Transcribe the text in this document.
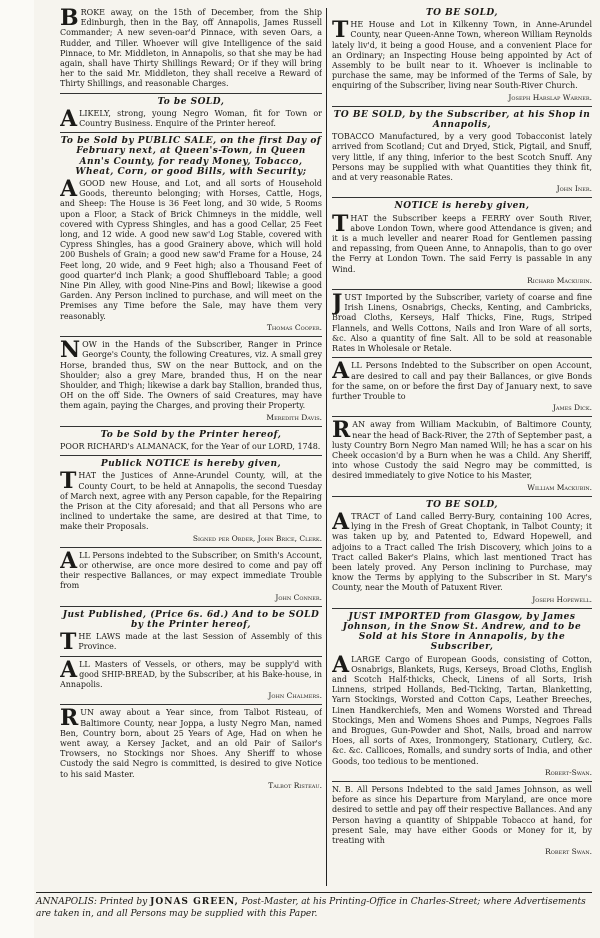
BROKE away, on the 15th of December, from the Ship Edinburgh, then in the Bay, off Annapolis, James Russell Commander; A new seven-oar'd Pinnace, with seven Oars, a Rudder, and Tiller. Whoever will give Intelligence of the said Pinnace, to Mr. Middleton, in Annapolis, so that she may be had again, shall have Thirty Shillings Reward; Or if they will bring her to the said Mr. Middleton, they shall receive a Reward of Thirty Shillings, and reasonable Charges.

To be SOLD,

ALIKELY, strong, young Negro Woman, fit for Town or Country Business. Enquire of the Printer hereof.

To be Sold by PUBLIC SALE, on the first Day of February next, at Queen's-Town, in Queen Ann's County, for ready Money, Tobacco, Wheat, Corn, or good Bills, with Security;

AGOOD new House, and Lot, and all sorts of Household Goods, thereunto belonging; with Horses, Cattle, Hogs, and Sheep: The House is 36 Feet long, and 30 wide, 5 Rooms upon a Floor, a Stack of Brick Chimneys in the middle, well covered with Cypress Shingles, and has a good Cellar, 25 Feet long, and 12 wide. A good new saw'd Log Stable, covered with Cypress Shingles, has a good Grainery above, which will hold 200 Bushels of Grain; a good new saw'd Frame for a House, 24 Feet long, 20 wide, and 9 Feet high; also a Thousand Feet of good quarter'd inch Plank; a good Shuffleboard Table; a good Nine Pin Alley, with good Nine-Pins and Bowl; likewise a good Garden. Any Person inclined to purchase, and will meet on the Premises any Time before the Sale, may have them very reasonably.

Thomas Cooper.

NOW in the Hands of the Subscriber, Ranger in Prince George's County, the following Creatures, viz. A small grey Horse, branded thus, SW on the near Buttock, and on the Shoulder; also a grey Mare, branded thus, H on the near Shoulder, and Thigh; likewise a dark bay Stallion, branded thus, OH on the off Side. The Owners of said Creatures, may have them again, paying the Charges, and proving their Property.

Meredith Davis.
To be Sold by the Printer hereof,

POOR RICHARD's ALMANACK, for the Year of our LORD, 1748.

Publick NOTICE is hereby given,

THAT the Justices of Anne-Arundel County, will, at the County Court, to be held at Annapolis, the second Tuesday of March next, agree with any Person capable, for the Repairing the Prison at the City aforesaid; and that all Persons who are inclined to undertake the same, are desired at that Time, to make their Proposals.

Signed per Order, John Brice, Clerk.

ALL Persons indebted to the Subscriber, on Smith's Account, or otherwise, are once more desired to come and pay off their respective Ballances, or may expect immediate Trouble from

John Conner.
Just Published, (Price 6s. 6d.) And to be SOLD by the Printer hereof,

THE LAWS made at the last Session of Assembly of this Province.

ALL Masters of Vessels, or others, may be supply'd with good SHIP-BREAD, by the Subscriber, at his Bake-house, in Annapolis.

John Chalmers.

RUN away about a Year since, from Talbot Risteau, of Baltimore County, near Joppa, a lusty Negro Man, named Ben, Country born, about 25 Years of Age, Had on when he went away, a Kersey Jacket, and an old Pair of Sailor's Trowsers, no Stockings nor Shoes. Any Sheriff to whose Custody the said Negro is committed, is desired to give Notice to his said Master.

Talbot Risteau.
TO BE SOLD,

THE House and Lot in Kilkenny Town, in Anne-Arundel County, near Queen-Anne Town, whereon William Reynolds lately liv'd, it being a good House, and a convenient Place for an Ordinary; an Inspecting House being appointed by Act of Assembly to be built near to it. Whoever is inclinable to purchase the same, may be informed of the Terms of Sale, by enquiring of the Subscriber, living near South-River Church.

Joseph Harslap Warner.
TO BE SOLD, by the Subscriber, at his Shop in Annapolis,

TOBACCO Manufactured, by a very good Tobacconist lately arrived from Scotland; Cut and Dryed, Stick, Pigtail, and Snuff, very little, if any thing, inferior to the best Scotch Snuff. Any Persons may be supplied with what Quantities they think fit, and at very reasonable Rates.

John Iner.
NOTICE is hereby given,

THAT the Subscriber keeps a FERRY over South River, above London Town, where good Attendance is given; and it is a much leveller and nearer Road for Gentlemen passing and repassing, from Queen Anne, to Annapolis, than to go over the Ferry at London Town. The said Ferry is passable in any Wind.

Richard Mackubin.

JUST Imported by the Subscriber, variety of coarse and fine Irish Linens, Osnabrigs, Checks, Kenting, and Cambricks, Broad Cloths, Kerseys, Half Thicks, Fine, Rugs, Striped Flannels, and Wells Cottons, Nails and Iron Ware of all sorts, &c. Also a quantity of fine Salt. All to be sold at reasonable Rates in Wholesale or Retale.

ALL Persons Indebted to the Subscriber on open Account, are desired to call and pay their Ballances, or give Bonds for the same, on or before the first Day of January next, to save further Trouble to

James Dick.

RAN away from William Mackubin, of Baltimore County, near the head of Back-River, the 27th of September past, a lusty Country Born Negro Man named Will; he has a scar on his Cheek occasion'd by a Burn when he was a Child. Any Sheriff, into whose Custody the said Negro may be committed, is desired immediately to give Notice to his Master,

William Mackubin.
TO BE SOLD,

ATRACT of Land called Berry-Bury, containing 100 Acres, lying in the Fresh of Great Choptank, in Talbot County; it was taken up by, and Patented to, Edward Hopewell, and adjoins to a Tract called The Irish Discovery, which joins to a Tract called Baker's Plains, which last mentioned Tract has been lately proved. Any Person inclining to Purchase, may know the Terms by applying to the Subscriber in St. Mary's County, near the Mouth of Patuxent River.

Joseph Hopewell.
JUST IMPORTED from Glasgow, by James Johnson, in the Snow St. Andrew, and to be Sold at his Store in Annapolis, by the Subscriber,

ALARGE Cargo of European Goods, consisting of Cotton, Osnabrigs, Blankets, Rugs, Kerseys, Broad Cloths, English and Scotch Half-thicks, Check, Linens of all Sorts, Irish Linnens, striped Hollands, Bed-Ticking, Tartan, Blanketting, Yarn Stockings, Worsted and Cotton Caps, Leather Breeches, Linen Handkerchiefs, Men and Womens Worsted and Thread Stockings, Men and Womens Shoes and Pumps, Negroes Falls and Brogues, Gun-Powder and Shot, Nails, broad and narrow Hoes, all sorts of Axes, Ironmongery, Stationary, Cutlery, &c. &c. &c. Callicoes, Romalls, and sundry sorts of India, and other Goods, too tedious to be mentioned.

Robert-Swan.

N. B. All Persons Indebted to the said James Johnson, as well before as since his Departure from Maryland, are once more desired to settle and pay off their respective Ballances. And any Person having a quantity of Shippable Tobacco at hand, for present Sale, may have either Goods or Money for it, by treating with

Robert Swan.
ANNAPOLIS: Printed by JONAS GREEN, Post-Master, at his Printing-Office in Charles-Street; where Advertisements are taken in, and all Persons may be supplied with this Paper.
